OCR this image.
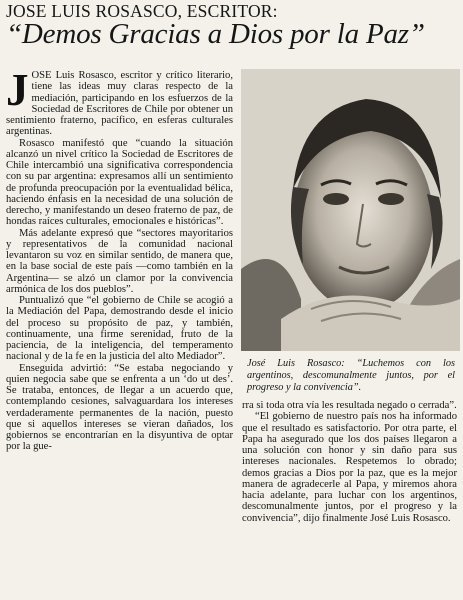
JOSE LUIS ROSASCO, ESCRITOR:
“Demos Gracias a Dios por la Paz”

JOSE Luis Rosasco, escritor y crítico literario, tiene las ideas muy claras respecto de la mediación, participando en los esfuerzos de la Sociedad de Escritores de Chile por obtener un sentimiento fraterno, pacífico, en esferas culturales argentinas.

Rosasco manifestó que “cuando la situación alcanzó un nivel crítico la Sociedad de Escritores de Chile intercambió una significativa correspondencia con su par argentina: expresamos allí un sentimiento de profunda preocupación por la eventualidad bélica, haciendo énfasis en la necesidad de una solución de derecho, y manifestando un deseo fraterno de paz, de hondas raíces culturales, emocionales e históricas”.

Más adelante expresó que “sectores mayoritarios y representativos de la comunidad nacional levantaron su voz en similar sentido, de manera que, en la base social de este país —como también en la Argentina— se alzó un clamor por la convivencia armónica de los dos pueblos”.

Puntualizó que “el gobierno de Chile se acogió a la Mediación del Papa, demostrando desde el inicio del proceso su propósito de paz, y también, continuamente, una firme serenidad, fruto de la paciencia, de la inteligencia, del temperamento nacional y de la fe en la justicia del alto Mediador”.

Enseguida advirtió: “Se estaba negociando y quien negocia sabe que se enfrenta a un ‘do ut des’. Se trataba, entonces, de llegar a un acuerdo que, contemplando cesiones, salvaguardara los intereses verdaderamente permanentes de la nación, puesto que si aquellos intereses se vieran dañados, los gobiernos se encontrarían en la disyuntiva de optar por la gue-

José Luis Rosasco: “Luchemos con los argentinos, descomunalmente juntos, por el progreso y la convivencia”.

rra si toda otra vía les resultada negado o cerrada”.

“El gobierno de nuestro país nos ha informado que el resultado es satisfactorio. Por otra parte, el Papa ha asegurado que los dos países llegaron a una solución con honor y sin daño para sus intereses nacionales. Respetemos lo obrado; demos gracias a Dios por la paz, que es la mejor manera de agradecerle al Papa, y miremos ahora hacia adelante, para luchar con los argentinos, descomunalmente juntos, por el progreso y la convivencia”, dijo finalmente José Luis Rosasco.
